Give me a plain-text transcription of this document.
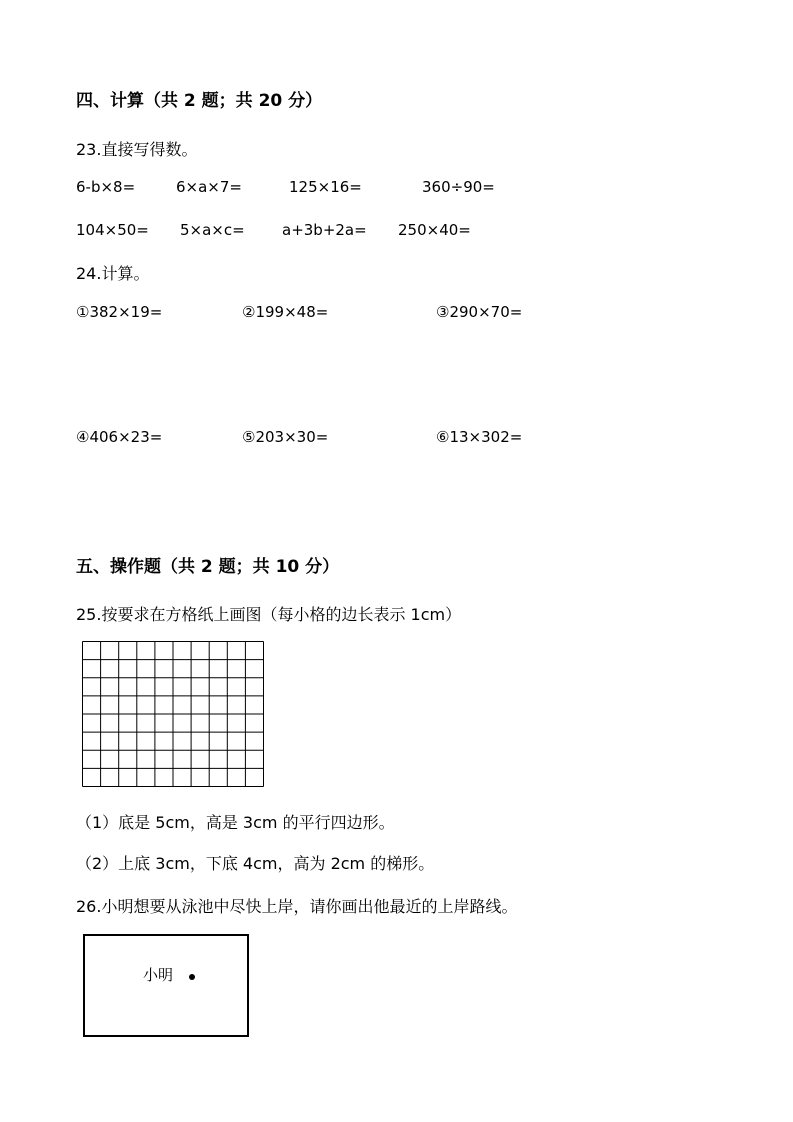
四、计算（共 2 题；共 20 分）
23.直接写得数。
6-b×8=	6×a×7=	125×16=	360÷90=
104×50= 5×a×c= a+3b+2a= 250×40=
24.计算。
①382×19=	②199×48=	③290×70=
④406×23=	⑤203×30=	⑥13×302=
五、操作题（共 2 题；共 10 分）
25.按要求在方格纸上画图（每小格的边长表示 1cm）
（1）底是 5cm，高是 3cm 的平行四边形。
（2）上底 3cm，下底 4cm，高为 2cm 的梯形。
26.小明想要从泳池中尽快上岸，请你画出他最近的上岸路线。
小明
